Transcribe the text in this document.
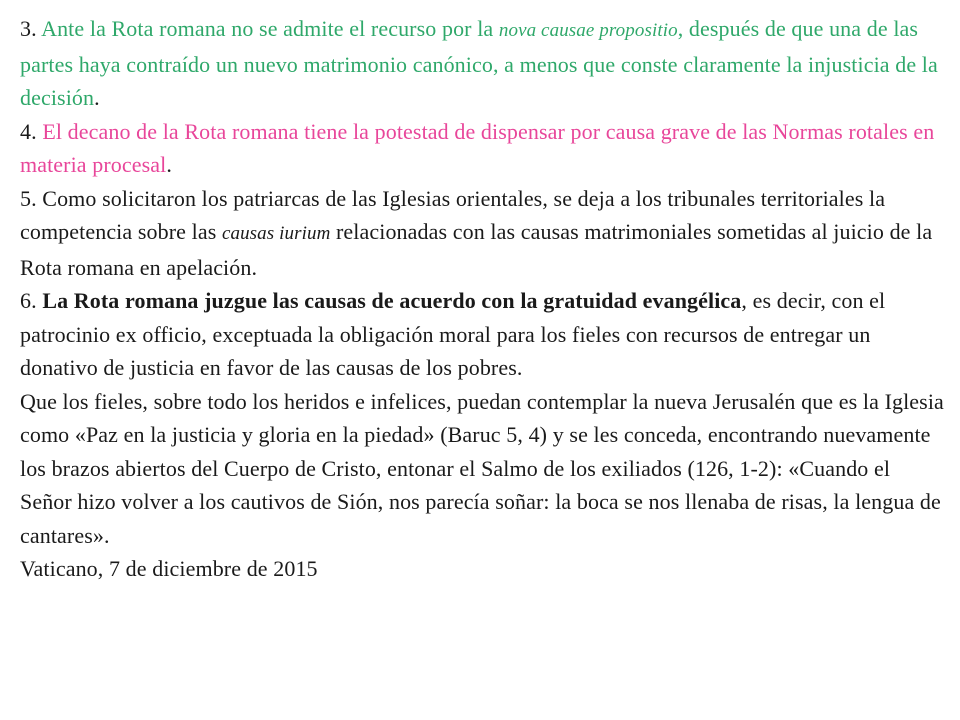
3. Ante la Rota romana no se admite el recurso por la nova causae propositio, después de que una de las partes haya contraído un nuevo matrimonio canónico, a menos que conste claramente la injusticia de la decisión.

4. El decano de la Rota romana tiene la potestad de dispensar por causa grave de las Normas rotales en materia procesal.

5. Como solicitaron los patriarcas de las Iglesias orientales, se deja a los tribunales territoriales la competencia sobre las causas iurium relacionadas con las causas matrimoniales sometidas al juicio de la Rota romana en apelación.

6. La Rota romana juzgue las causas de acuerdo con la gratuidad evangélica, es decir, con el patrocinio ex officio, exceptuada la obligación moral para los fieles con recursos de entregar un donativo de justicia en favor de las causas de los pobres.

Que los fieles, sobre todo los heridos e infelices, puedan contemplar la nueva Jerusalén que es la Iglesia como «Paz en la justicia y gloria en la piedad» (Baruc 5, 4) y se les conceda, encontrando nuevamente los brazos abiertos del Cuerpo de Cristo, entonar el Salmo de los exiliados (126, 1-2): «Cuando el Señor hizo volver a los cautivos de Sión, nos parecía soñar: la boca se nos llenaba de risas, la lengua de cantares».

Vaticano, 7 de diciembre de 2015
